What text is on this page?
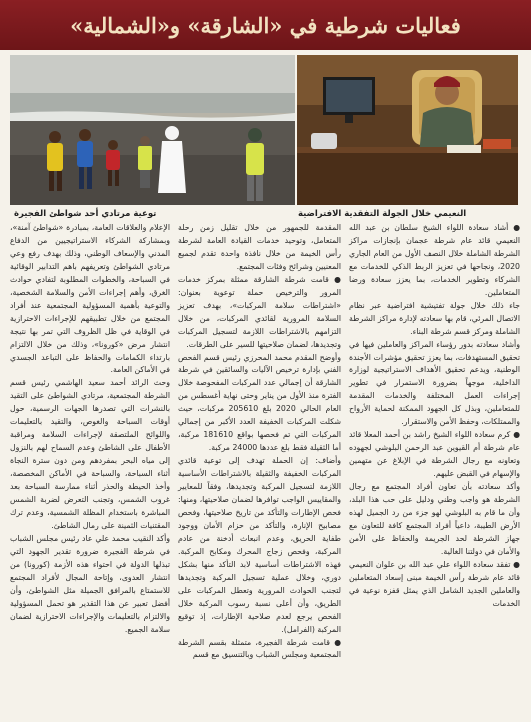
فعاليات شرطية في «الشارقة» و«الشمالية»
توعية مرتادي أحد شواطئ الفجيرة	النعيمي خلال الجولة التفقدية الافتراضية

● أشاد سعادة اللواء الشيخ سلطان بن عبد الله النعيمي قائد عام شرطة عجمان بإنجازات مراكز الشرطة الشاملة خلال النصف الأول من العام الجاري 2020، ونجاحها في تعزيز الربط الذكي للخدمات مع الشركاء وتطوير الخدمات، بما يعزز سعادة ورضا المتعاملين.

جاء ذلك خلال جولة تفتيشية افتراضية عبر نظام الاتصال المرئي، قام بها سعادته لإدارة مراكز الشرطة الشاملة ومركز قسم شرطة البناء.

وأشاد سعادته بدور رؤساء المراكز والعاملين فيها في تحقيق المستهدفات، بما يعزز تحقيق مؤشرات الأجندة الوطنية، ويدعم تحقيق الأهداف الاستراتيجية لوزارة الداخلية، موجهاً بضرورة الاستمرار في تطوير إجراءات العمل المختلفة والخدمات المقدمة للمتعاملين، وبذل كل الجهود الممكنة لحماية الأرواح والممتلكات، وحفظ الأمن والاستقرار.

● كرم سعادة اللواء الشيخ راشد بن أحمد المعلا قائد عام شرطة أم القيوين عبد الرحمن البلوشي لجهوده وتعاونه مع رجال الشرطة في الإبلاغ عن متهمين والإسهام في القبض عليهم.

وأكد سعادته بأن تعاون أفراد المجتمع مع رجال الشرطة هو واجب وطني ودليل على حب هذا البلد، وأن ما قام به البلوشي لهو جزء من رد الجميل لهذه الأرض الطيبة، داعياً أفراد المجتمع كافة للتعاون مع جهاز الشرطة لحد الجريمة والحفاظ على الأمن والأمان في دولتنا الغالية.

● تفقد سعادة اللواء علي عبد الله بن علوان النعيمي قائد عام شرطة رأس الخيمة مبنى إسعاد المتعاملين والعاملين الجديد الشامل الذي يمثل قفزة نوعية في الخدمات

المقدمة للجمهور من خلال تقليل زمن رحلة المتعامل، وتوحيد خدمات القيادة العامة لشرطة رأس الخيمة من خلال نافذة واحدة تقدم لجميع المعنيين وشرائح وفئات المجتمع.

● قامت شرطة الشارقة ممثلة بمركز خدمات المرور والترخيص حملة توعوية بعنوان: «اشتراطات سلامة المركبات»، بهدف تعزيز السلامة المرورية لقائدي المركبات، من خلال التزامهم بالاشتراطات اللازمة لتسجيل المركبات وتجديدها، لضمان صلاحيتها للسير على الطرقات.

وأوضح المقدم محمد المحرزي رئيس قسم الفحص الفني بإدارة ترخيص الآليات والسائقين في شرطة الشارقة أن إجمالي عدد المركبات المفحوصة خلال الفترة منذ الأول من يناير وحتى نهاية أغسطس من العام الحالي 2020 بلغ 205610 مركبات، حيث شكلت المركبات الخفيفة العدد الأكبر من إجمالي المركبات التي تم فحصها بواقع 181610 مركبة، أما الثقيلة فقط بلغ عددها 24000 مركبة.

وأضاف: إن الحملة تهدف إلى توعية قائدي المركبات الخفيفة والثقيلة بالاشتراطات الأساسية اللازمة لتسجيل المركبة وتجديدها، وفقاً للمعايير والمقاييس الواجب توافرها لضمان صلاحيتها، ومنها: فحص الإطارات والتأكد من تاريخ صلاحيتها، وفحص مصابيح الإنارة، والتأكد من حزام الأمان ووجود طفاية الحريق، وعدم انبعاث أدخنة من عادم المركبة، وفحص زجاج المحرك ومكابح المركبة. فهذه الاشتراطات أساسية لابد التأكد منها بشكل دوري، وخلال عملية تسجيل المركبة وتجديدها لتجنب الحوادث المرورية وتعطل المركبات على الطريق، وأن أعلى نسبة رسوب المركبة خلال الفحص يرجع لعدم صلاحية الإطارات، إذ توقيع المركبة (الفرامل).

● قامت شرطة الفجيرة، متمثلة بقسم الشرطة المجتمعية ومجلس الشباب وبالتنسيق مع قسم

الإعلام والعلاقات العامة، بمبادرة «شواطئ آمنة»، وبمشاركة الشركاء الاستراتيجيين من الدفاع المدني والإسعاف الوطني، وذلك بهدف رفع وعي مرتادي الشواطئ وتعريفهم باهم التدابير الوقائية في السباحة، والخطوات المطلوبة لتفادي حوادث الغرق، وأهم إجراءات الأمن والسلامة الشخصية، والتوعية بأهمية المسؤولية المجتمعية عند أفراد المجتمع من خلال تطبيقهم للإجراءات الاحترازية في الوقاية في ظل الظروف التي تمر بها نتيجة انتشار مرض «كورونا»، وذلك من خلال الالتزام بارتداء الكمامات والحفاظ على التباعد الجسدي في الأماكن العامة.

وحث الرائد أحمد سعيد الهاشمي رئيس قسم الشرطة المجتمعية، مرتادي الشواطئ على التقيد بالنشرات التي تصدرها الجهات الرسمية، حول أوقات السباحة والغوص، والتقيد بالتعليمات واللوائح الملتصقة لإجراءات السلامة ومراقبة الأطفال على الشاطئ وعدم السماح لهم بالنزول إلى مياه البحر بمفردهم ومن دون سترة النجاة أثناء السباحة، والسباحة في الأماكن المخصصة، وأخذ الحيطة والحذر أثناء ممارسة السباحة بعد غروب الشمس، وتجنب التعرض لضربة الشمس المباشرة باستخدام المظلة الشمسية، وعدم ترك المقتنيات الثمينة على رمال الشاطئ.

وأكد النقيب محمد علي عاد رئيس مجلس الشباب في شرطة الفجيرة ضرورة تقدير الجهود التي تبذلها الدولة في احتواء هذه الأزمة (كورونا) من انتشار العدوى، وإتاحة المجال لأفراد المجتمع للاستمتاع بالمرافق الجميلة مثل الشواطئ، وأن أفضل تعبير عن هذا التقدير هو تحمل المسؤولية والالتزام بالتعليمات والإجراءات الاحترازية لضمان سلامة الجميع.
